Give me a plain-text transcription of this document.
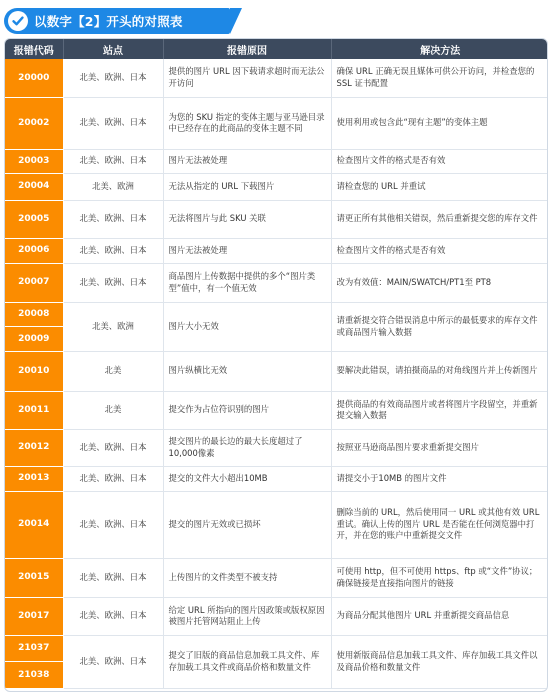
以数字【2】开头的对照表
报错代码	站点	报错原因	解决方法
20000	北美、欧洲、日本	提供的图片 URL 因下载请求超时而无法公开访问	确保 URL 正确无误且媒体可供公开访问，并检查您的 SSL 证书配置
20002	北美、欧洲、日本	为您的 SKU 指定的变体主题与亚马逊目录中已经存在的此商品的变体主题不同	使用利用或包含此“现有主题”的变体主题
20003	北美、欧洲、日本	图片无法被处理	检查图片文件的格式是否有效
20004	北美、欧洲	无法从指定的 URL 下载图片	请检查您的 URL 并重试
20005	北美、欧洲、日本	无法将图片与此 SKU 关联	请更正所有其他相关错误，然后重新提交您的库存文件
20006	北美、欧洲、日本	图片无法被处理	检查图片文件的格式是否有效
20007	北美、欧洲、日本	商品图片上传数据中提供的多个“图片类型”值中，有一个值无效	改为有效值：MAIN/SWATCH/PT1至 PT8

20008
20009	北美、欧洲	图片大小无效	请重新提交符合错误消息中所示的最低要求的库存文件或商品图片输入数据
20010	北美	图片纵横比无效	要解决此错误，请拍摄商品的对角线图片并上传新图片
20011	北美	提交作为占位符识别的图片	提供商品的有效商品图片或者将图片字段留空，并重新提交输入数据
20012	北美、欧洲、日本	提交图片的最长边的最大长度超过了10,000像素	按照亚马逊商品图片要求重新提交图片
20013	北美、欧洲、日本	提交的文件大小超出10MB	请提交小于10MB 的图片文件
20014	北美、欧洲、日本	提交的图片无效或已损坏	删除当前的 URL，然后使用同一 URL 或其他有效 URL 重试。确认上传的图片 URL 是否能在任何浏览器中打开，并在您的账户中重新提交文件
20015	北美、欧洲、日本	上传图片的文件类型不被支持	可使用 http，但不可使用 https、ftp 或“文件”协议；确保链接是直接指向图片的链接
20017	北美、欧洲、日本	给定 URL 所指向的图片因政策或版权原因被图片托管网站阻止上传	为商品分配其他图片 URL 并重新提交商品信息

21037
21038	北美、欧洲、日本	提交了旧版的商品信息加载工具文件、库存加载工具文件或商品价格和数量文件	使用新版商品信息加载工具文件、库存加载工具文件以及商品价格和数量文件
